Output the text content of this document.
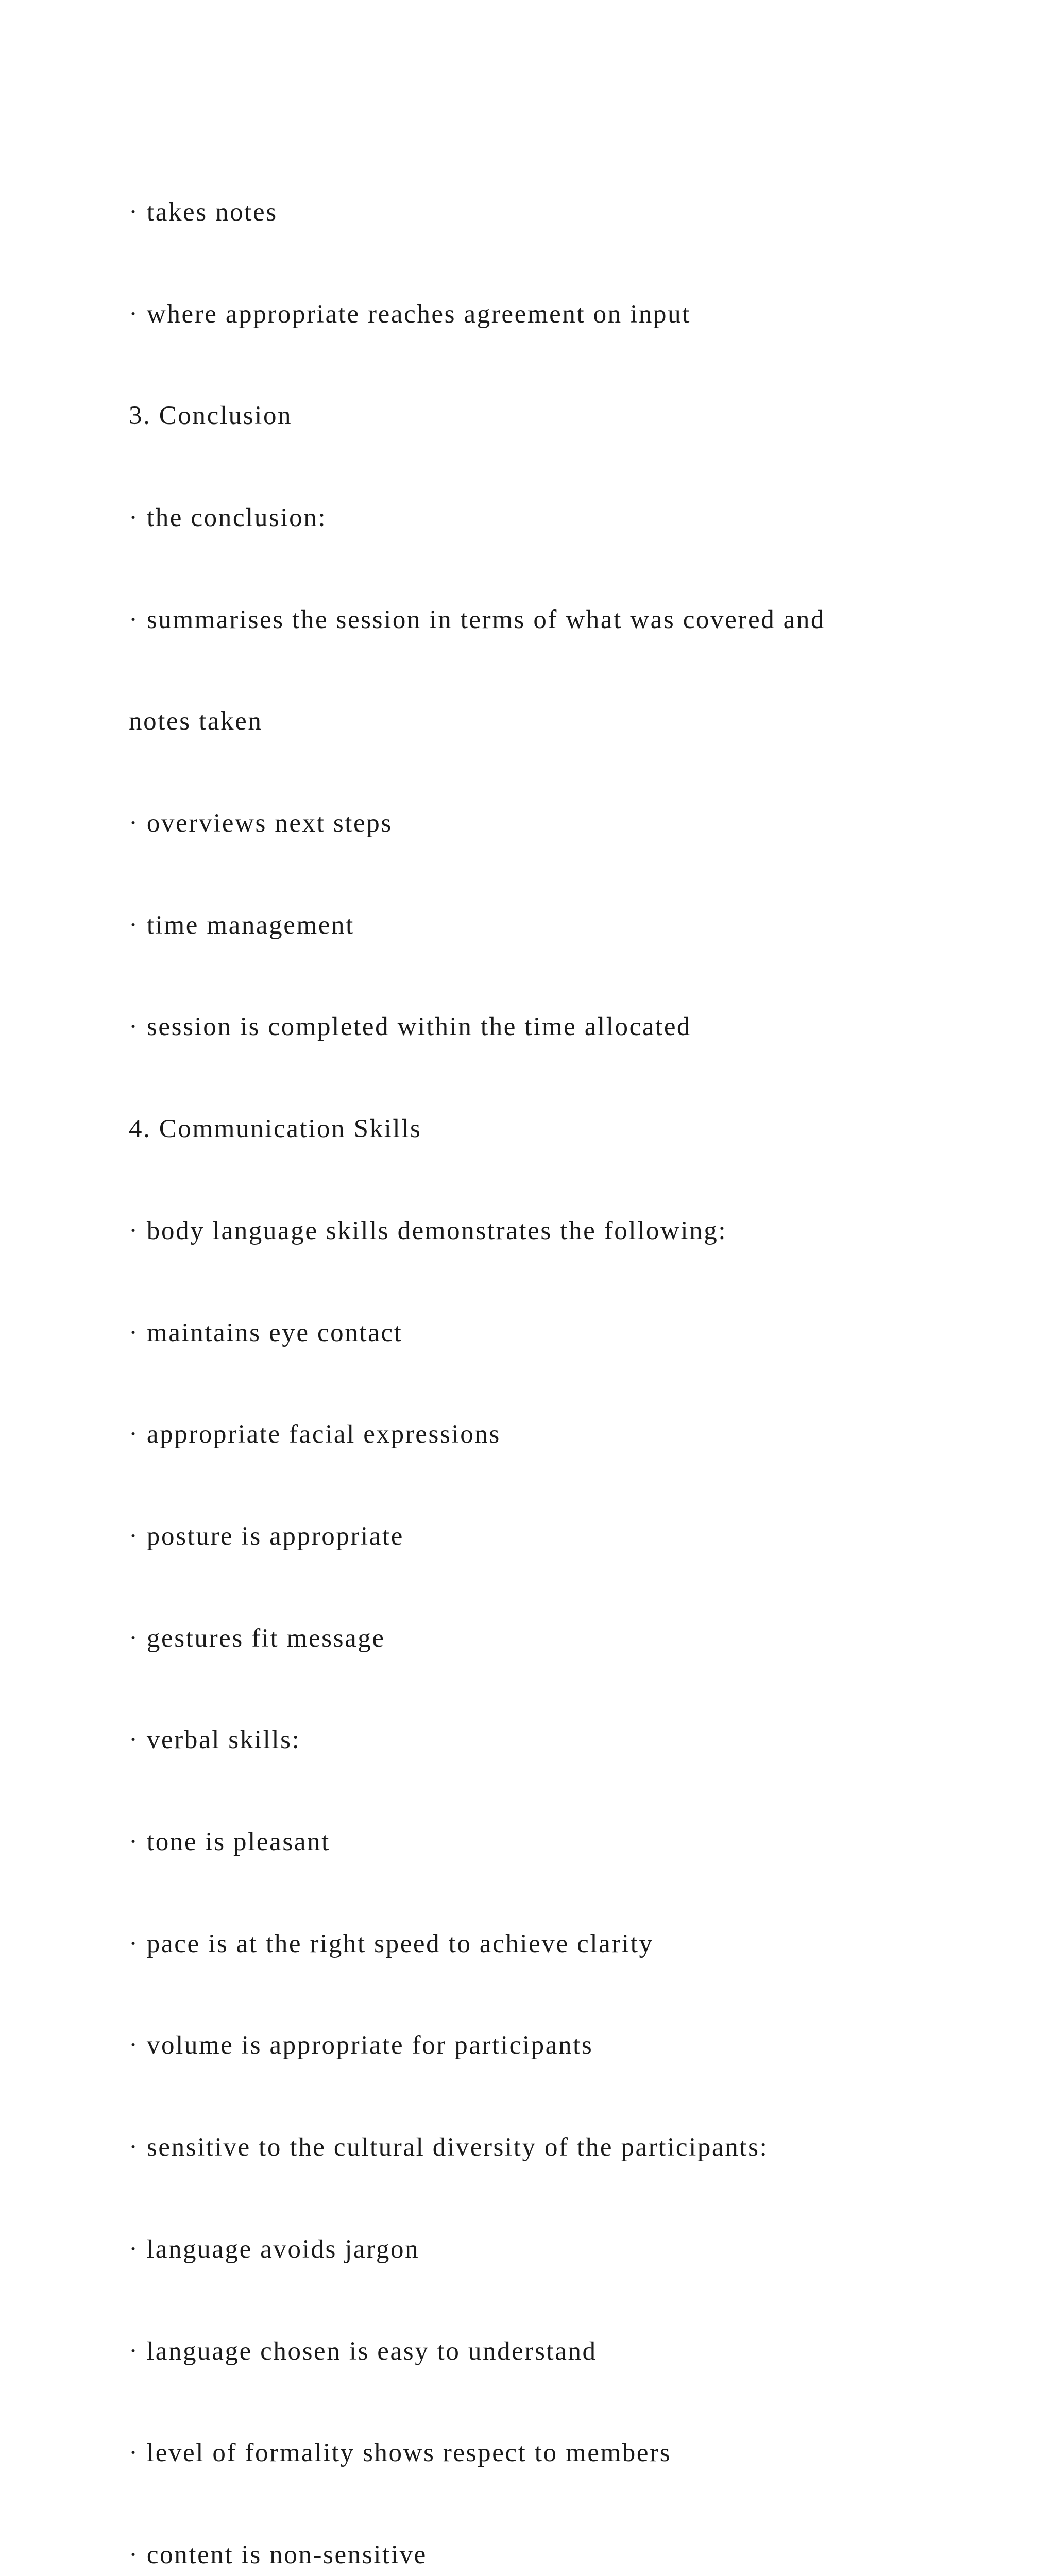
· takes notes

· where appropriate reaches agreement on input

3. Conclusion

· the conclusion:

· summarises the session in terms of what was covered and

notes taken

· overviews next steps

· time management

· session is completed within the time allocated

4. Communication Skills

· body language skills demonstrates the following:

· maintains eye contact

· appropriate facial expressions

· posture is appropriate

· gestures fit message

· verbal skills:

· tone is pleasant

· pace is at the right speed to achieve clarity

· volume is appropriate for participants

· sensitive to the cultural diversity of the participants:

· language avoids jargon

· language chosen is easy to understand

· level of formality shows respect to members

· content is non-sensitive
